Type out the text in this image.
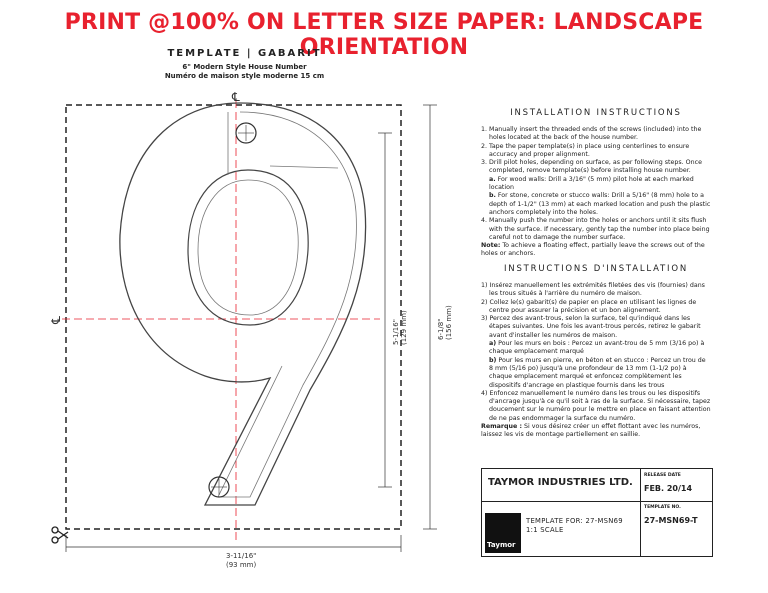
PRINT @100% ON LETTER SIZE PAPER: LANDSCAPE ORIENTATION
TEMPLATE | GABARIT
6" Modern Style House Number
Numéro de maison style moderne 15 cm
℄
℄
3-11/16"
(93 mm)
5-1/16"
(129 mm)
6-1/8"
(156 mm)
INSTALLATION INSTRUCTIONS
1. Manually insert the threaded ends of the screws (included) into the holes located at the back of the house number.
2. Tape the paper template(s) in place using centerlines to ensure accuracy and proper alignment.
3. Drill pilot holes, depending on surface, as per following steps. Once completed, remove template(s) before installing house number.
a. For wood walls: Drill a 3/16" (5 mm) pilot hole at each marked location
b. For stone, concrete or stucco walls: Drill a 5/16" (8 mm) hole to a depth of 1-1/2" (13 mm) at each marked location and push the plastic anchors completely into the holes.
4. Manually push the number into the holes or anchors until it sits flush with the surface. If necessary, gently tap the number into place being careful not to damage the number surface.
Note: To achieve a floating effect, partially leave the screws out of the holes or anchors.
INSTRUCTIONS D'INSTALLATION
1) Insérez manuellement les extrémités filetées des vis (fournies) dans les trous situés à l'arrière du numéro de maison.
2) Collez le(s) gabarit(s) de papier en place en utilisant les lignes de centre pour assurer la précision et un bon alignement.
3) Percez des avant-trous, selon la surface, tel qu'indiqué dans les étapes suivantes. Une fois les avant-trous percés, retirez le gabarit avant d'installer les numéros de maison.
a) Pour les murs en bois : Percez un avant-trou de 5 mm (3/16 po) à chaque emplacement marqué
b) Pour les murs en pierre, en béton et en stucco : Percez un trou de 8 mm (5/16 po) jusqu'à une profondeur de 13 mm (1-1/2 po) à chaque emplacement marqué et enfoncez complètement les dispositifs d'ancrage en plastique fournis dans les trous
4) Enfoncez manuellement le numéro dans les trous ou les dispositifs d'ancrage jusqu'à ce qu'il soit à ras de la surface. Si nécessaire, tapez doucement sur le numéro pour le mettre en place en faisant attention de ne pas endommager la surface du numéro.
Remarque : Si vous désirez créer un effet flottant avec les numéros, laissez les vis de montage partiellement en saillie.
TAYMOR INDUSTRIES LTD.
RELEASE DATE
FEB. 20/14
TEMPLATE NO.
27-MSN69-T
Taymor
TEMPLATE FOR: 27-MSN69
1:1 SCALE
